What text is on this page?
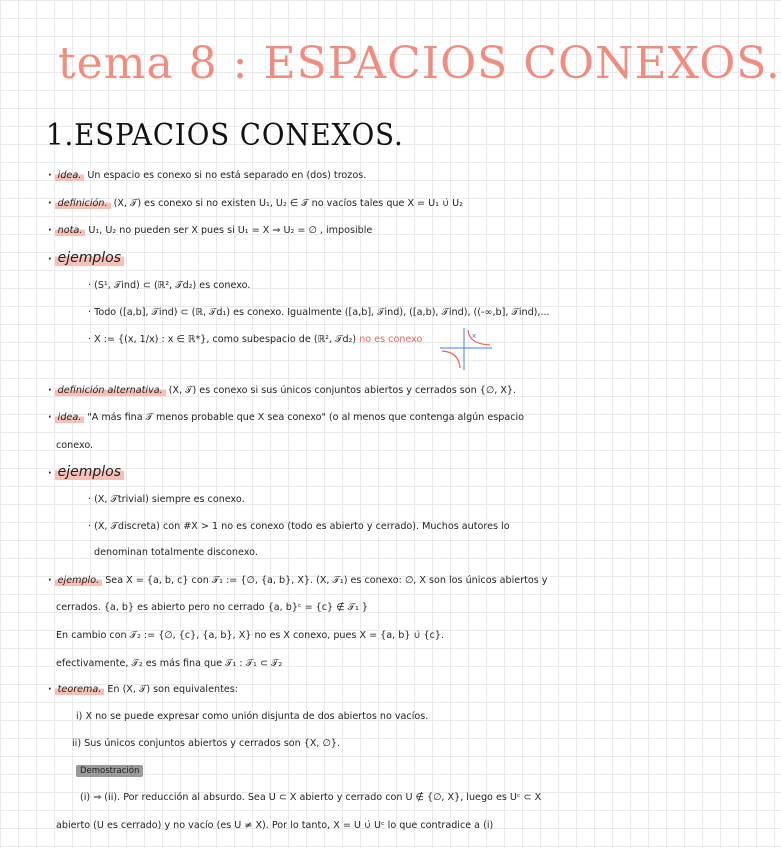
tema 8 : ESPACIOS CONEXOS.
1.ESPACIOS CONEXOS.
· idea. Un espacio es conexo si no está separado en (dos) trozos.
· definición. (X, 𝒯) es conexo si no existen U₁, U₂ ∈ 𝒯 no vacíos tales que X = U₁ ∪̇ U₂
· nota. U₁, U₂ no pueden ser X pues si U₁ = X ⇒ U₂ = ∅ , imposible
· ejemplos
· (S¹, 𝒯ind) ⊂ (ℝ², 𝒯d₂) es conexo.
· Todo ([a,b], 𝒯ind) ⊂ (ℝ, 𝒯d₁) es conexo. Igualmente ([a,b], 𝒯ind), ([a,b), 𝒯ind), ((-∞,b], 𝒯ind),...
· X := {(x, 1/x) : x ∈ ℝ*}, como subespacio de (ℝ², 𝒯d₂) no es conexo	x
· definición alternativa. (X, 𝒯) es conexo si sus únicos conjuntos abiertos y cerrados son {∅, X}.
· idea. "A más fina 𝒯 menos probable que X sea conexo" (o al menos que contenga algún espacio
conexo.
· ejemplos
· (X, 𝒯trivial) siempre es conexo.
· (X, 𝒯discreta) con #X > 1 no es conexo (todo es abierto y cerrado). Muchos autores lo
denominan totalmente disconexo.
· ejemplo. Sea X = {a, b, c} con 𝒯₁ := {∅, {a, b}, X}. (X, 𝒯₁) es conexo: ∅, X son los únicos abiertos y
cerrados. {a, b} es abierto pero no cerrado {a, b}ᶜ = {c} ∉ 𝒯₁ }
En cambio con 𝒯₂ := {∅, {c}, {a, b}, X} no es X conexo, pues X = {a, b} ∪̇ {c}.
efectivamente, 𝒯₂ es más fina que 𝒯₁ : 𝒯₁ ⊂ 𝒯₂
· teorema. En (X, 𝒯) son equivalentes:
i) X no se puede expresar como unión disjunta de dos abiertos no vacíos.
ii) Sus únicos conjuntos abiertos y cerrados son {X, ∅}.
Demostración
(i) ⇒ (ii). Por reducción al absurdo. Sea U ⊂ X abierto y cerrado con U ∉ {∅, X}, luego es Uᶜ ⊂ X
abierto (U es cerrado) y no vacío (es U ≠ X). Por lo tanto, X = U ∪̇ Uᶜ lo que contradice a (i)
